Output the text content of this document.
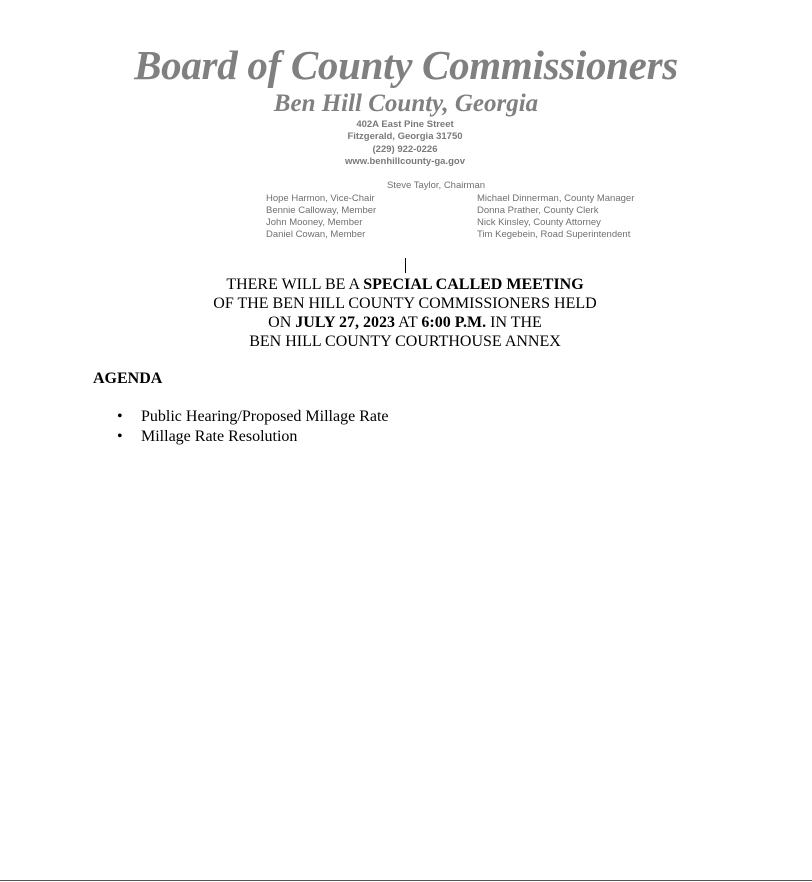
Board of County Commissioners
Ben Hill County, Georgia
402A East Pine Street
Fitzgerald, Georgia 31750
(229) 922-0226
www.benhillcounty-ga.gov
Steve Taylor, Chairman
Hope Harmon, Vice-Chair
Bennie Calloway, Member
John Mooney, Member
Daniel Cowan, Member
Michael Dinnerman, County Manager
Donna Prather, County Clerk
Nick Kinsley, County Attorney
Tim Kegebein, Road Superintendent
THERE WILL BE A SPECIAL CALLED MEETING
OF THE BEN HILL COUNTY COMMISSIONERS HELD
ON JULY 27, 2023 AT 6:00 P.M. IN THE
BEN HILL COUNTY COURTHOUSE ANNEX
AGENDA
•	Public Hearing/Proposed Millage Rate
•	Millage Rate Resolution
